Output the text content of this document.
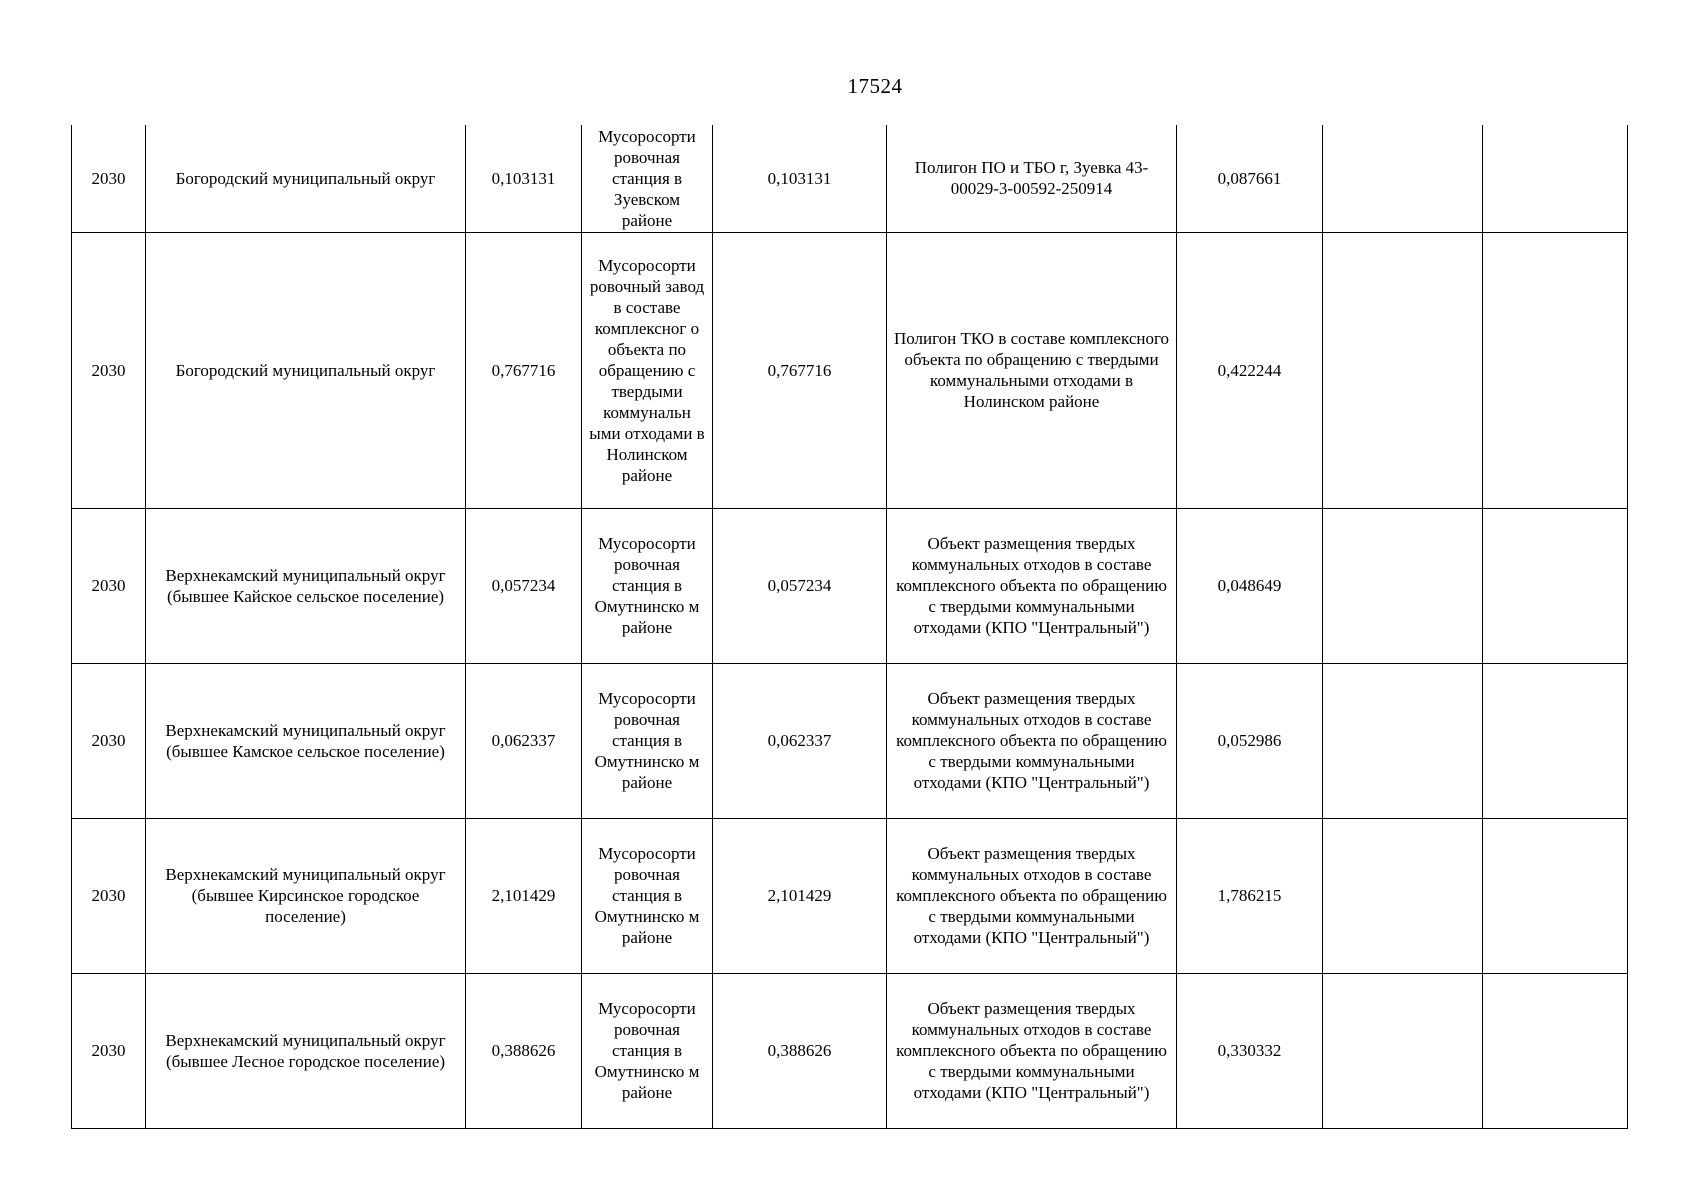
17524
2030	Богородский муниципальный округ	0,103131	Мусоросорти ровочная станция в Зуевском районе	0,103131	Полигон ПО и ТБО г, Зуевка 43-00029-3-00592-250914	0,087661		
2030	Богородский муниципальный округ	0,767716	Мусоросорти ровочный завод в составе комплексног о объекта по обращению с твердыми коммунальн ыми отходами в Нолинском районе	0,767716	Полигон ТКО в составе комплексного объекта по обращению с твердыми коммунальными отходами в Нолинском районе	0,422244		
2030	Верхнекамский муниципальный округ (бывшее Кайское сельское поселение)	0,057234	Мусоросорти ровочная станция в Омутнинско м районе	0,057234	Объект размещения твердых коммунальных отходов в составе комплексного объекта по обращению с твердыми коммунальными отходами (КПО "Центральный")	0,048649		
2030	Верхнекамский муниципальный округ (бывшее Камское сельское поселение)	0,062337	Мусоросорти ровочная станция в Омутнинско м районе	0,062337	Объект размещения твердых коммунальных отходов в составе комплексного объекта по обращению с твердыми коммунальными отходами (КПО "Центральный")	0,052986		
2030	Верхнекамский муниципальный округ (бывшее Кирсинское городское поселение)	2,101429	Мусоросорти ровочная станция в Омутнинско м районе	2,101429	Объект размещения твердых коммунальных отходов в составе комплексного объекта по обращению с твердыми коммунальными отходами (КПО "Центральный")	1,786215		
2030	Верхнекамский муниципальный округ (бывшее Лесное городское поселение)	0,388626	Мусоросорти ровочная станция в Омутнинско м районе	0,388626	Объект размещения твердых коммунальных отходов в составе комплексного объекта по обращению с твердыми коммунальными отходами (КПО "Центральный")	0,330332		
